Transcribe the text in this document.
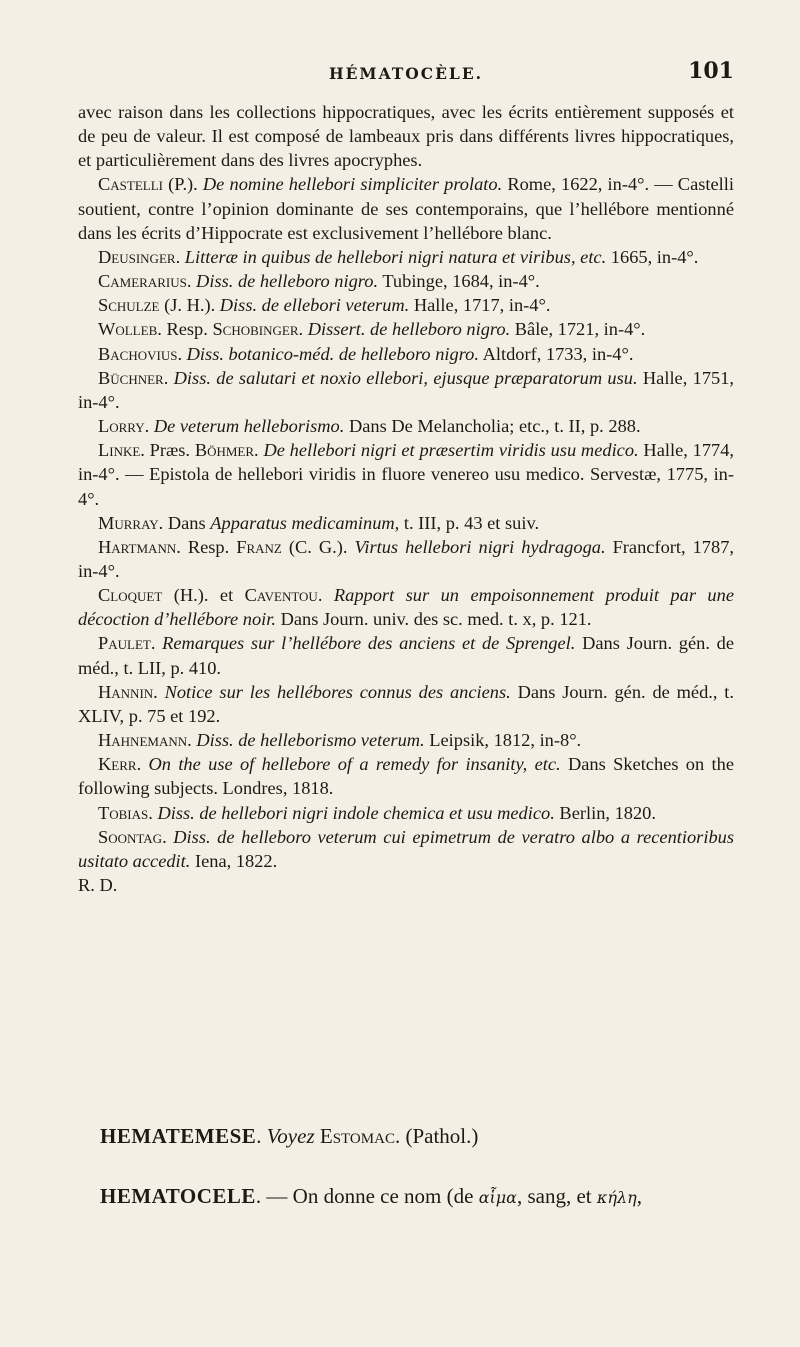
HÉMATOCÈLE.	101

avec raison dans les collections hippocratiques, avec les écrits entièrement supposés et de peu de valeur. Il est composé de lambeaux pris dans différents livres hippocratiques, et particulièrement dans des livres apocryphes.

Castelli (P.). De nomine hellebori simpliciter prolato. Rome, 1622, in-4°. — Castelli soutient, contre l’opinion dominante de ses contemporains, que l’hellébore mentionné dans les écrits d’Hippocrate est exclusivement l’hellébore blanc.

Deusinger. Litteræ in quibus de hellebori nigri natura et viribus, etc. 1665, in-4°.

Camerarius. Diss. de helleboro nigro. Tubinge, 1684, in-4°.

Schulze (J. H.). Diss. de ellebori veterum. Halle, 1717, in-4°.

Wolleb. Resp. Schobinger. Dissert. de helleboro nigro. Bâle, 1721, in-4°.

Bachovius. Diss. botanico-méd. de helleboro nigro. Altdorf, 1733, in-4°.

Büchner. Diss. de salutari et noxio ellebori, ejusque præparatorum usu. Halle, 1751, in-4°.

Lorry. De veterum helleborismo. Dans De Melancholia; etc., t. II, p. 288.

Linke. Præs. Böhmer. De hellebori nigri et præsertim viridis usu medico. Halle, 1774, in-4°. — Epistola de hellebori viridis in fluore venereo usu medico. Servestæ, 1775, in-4°.

Murray. Dans Apparatus medicaminum, t. III, p. 43 et suiv.

Hartmann. Resp. Franz (C. G.). Virtus hellebori nigri hydragoga. Francfort, 1787, in-4°.

Cloquet (H.). et Caventou. Rapport sur un empoisonnement produit par une décoction d’hellébore noir. Dans Journ. univ. des sc. med. t. x, p. 121.

Paulet. Remarques sur l’hellébore des anciens et de Sprengel. Dans Journ. gén. de méd., t. LII, p. 410.

Hannin. Notice sur les hellébores connus des anciens. Dans Journ. gén. de méd., t. XLIV, p. 75 et 192.

Hahnemann. Diss. de helleborismo veterum. Leipsik, 1812, in-8°.

Kerr. On the use of hellebore of a remedy for insanity, etc. Dans Sketches on the following subjects. Londres, 1818.

Tobias. Diss. de hellebori nigri indole chemica et usu medico. Berlin, 1820.

Soontag. Diss. de helleboro veterum cui epimetrum de veratro albo a recentioribus usitato accedit. Iena, 1822.

R. D.

HEMATEMESE. Voyez Estomac. (Pathol.)
HEMATOCELE. — On donne ce nom (de αἷμα, sang, et κήλη,
